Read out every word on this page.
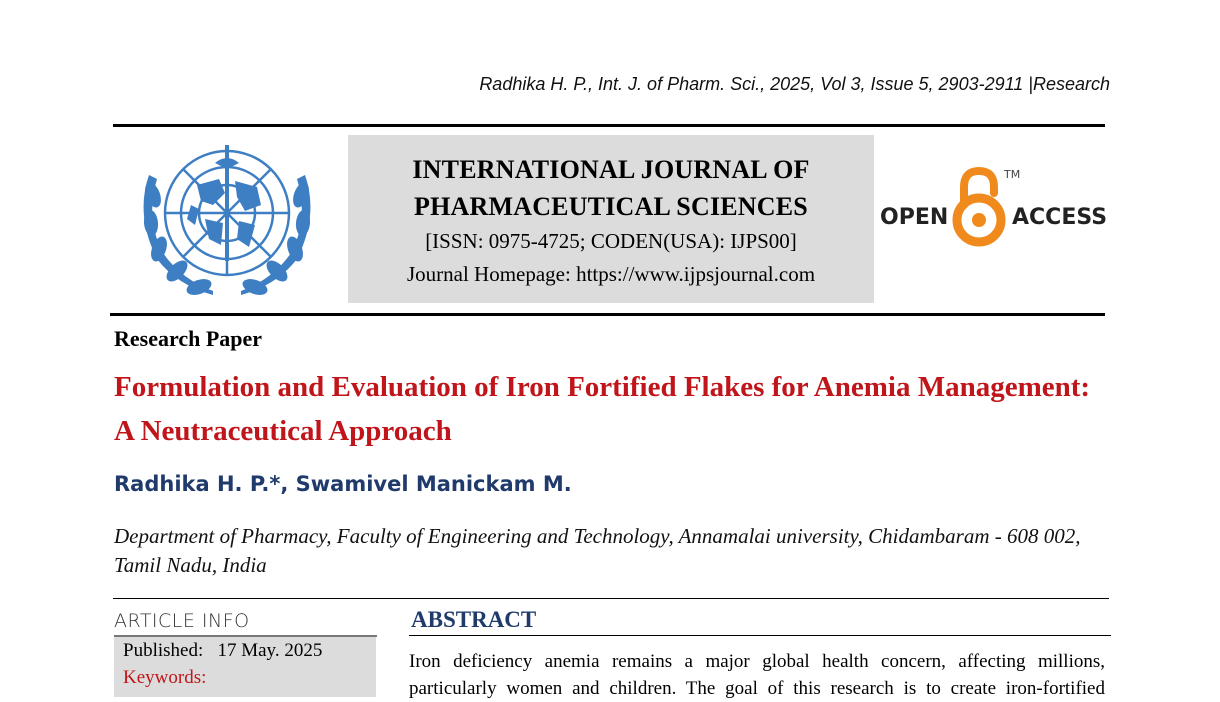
Radhika H. P., Int. J. of Pharm. Sci., 2025, Vol 3, Issue 5, 2903-2911 |Research
INTERNATIONAL JOURNAL OF
PHARMACEUTICAL SCIENCES
[ISSN: 0975-4725; CODEN(USA): IJPS00]
Journal Homepage: https://www.ijpsjournal.com
OPEN
TM
ACCESS
Research Paper
Formulation and Evaluation of Iron Fortified Flakes for Anemia Management: A Neutraceutical Approach
Radhika H. P.*, Swamivel Manickam M.
Department of Pharmacy, Faculty of Engineering and Technology, Annamalai university, Chidambaram - 608 002, Tamil Nadu, India
ARTICLE INFO
Published: 17 May. 2025
Keywords:
ABSTRACT
Iron deficiency anemia remains a major global health concern, affecting millions,
particularly women and children. The goal of this research is to create iron-fortified
